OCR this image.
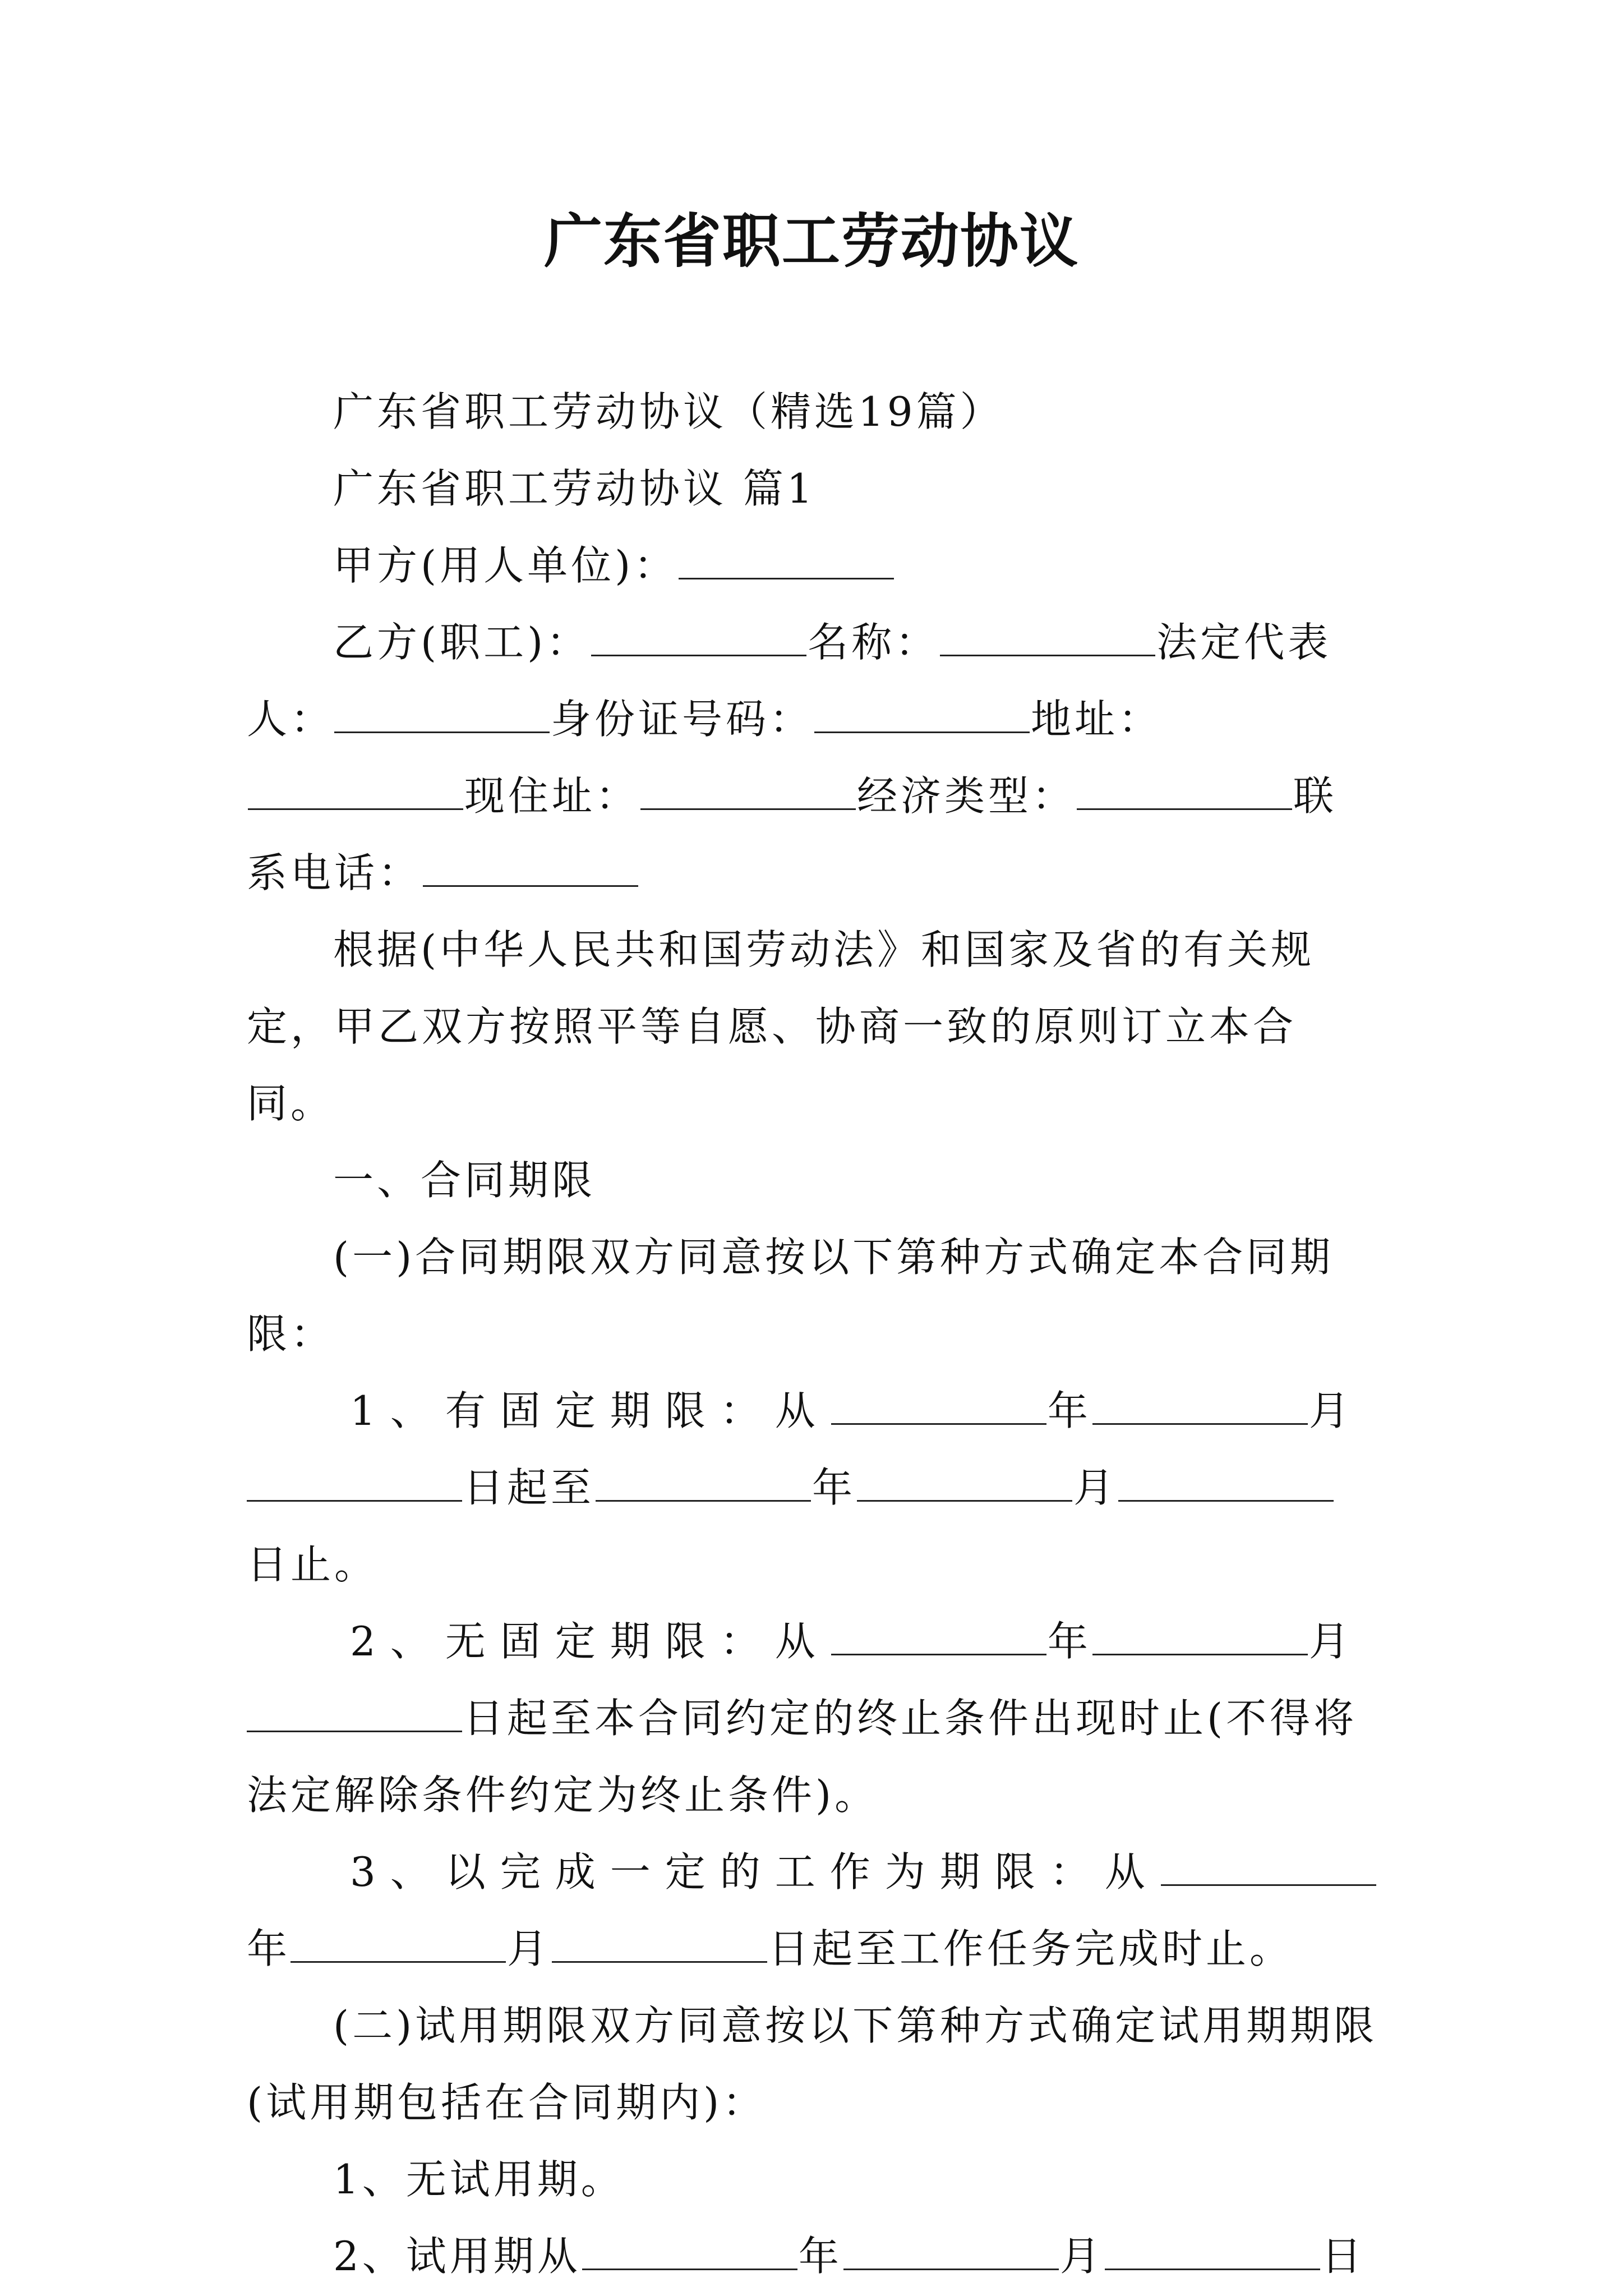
广东省职工劳动协议

广东省职工劳动协议（精选19篇）

广东省职工劳动协议 篇1

甲方(用人单位)：

乙方(职工)：	名称：	法定代表人：	身份证号码：	地址：现住址：	经济类型：	联系电话：

根据(中华人民共和国劳动法》和国家及省的有关规定，甲乙双方按照平等自愿、协商一致的原则订立本合同。

一、合同期限

(一)合同期限双方同意按以下第种方式确定本合同期限：

1、有固定期限：从	年	月日起至	年	月日止。

2、无固定期限：从	年	月日起至本合同约定的终止条件出现时止(不得将法定解除条件约定为终止条件)。

3、以完成一定的工作为期限：从年	月	日起至工作任务完成时止。

(二)试用期限双方同意按以下第种方式确定试用期期限(试用期包括在合同期内)：

1、无试用期。

2、试用期从	年	月	日
